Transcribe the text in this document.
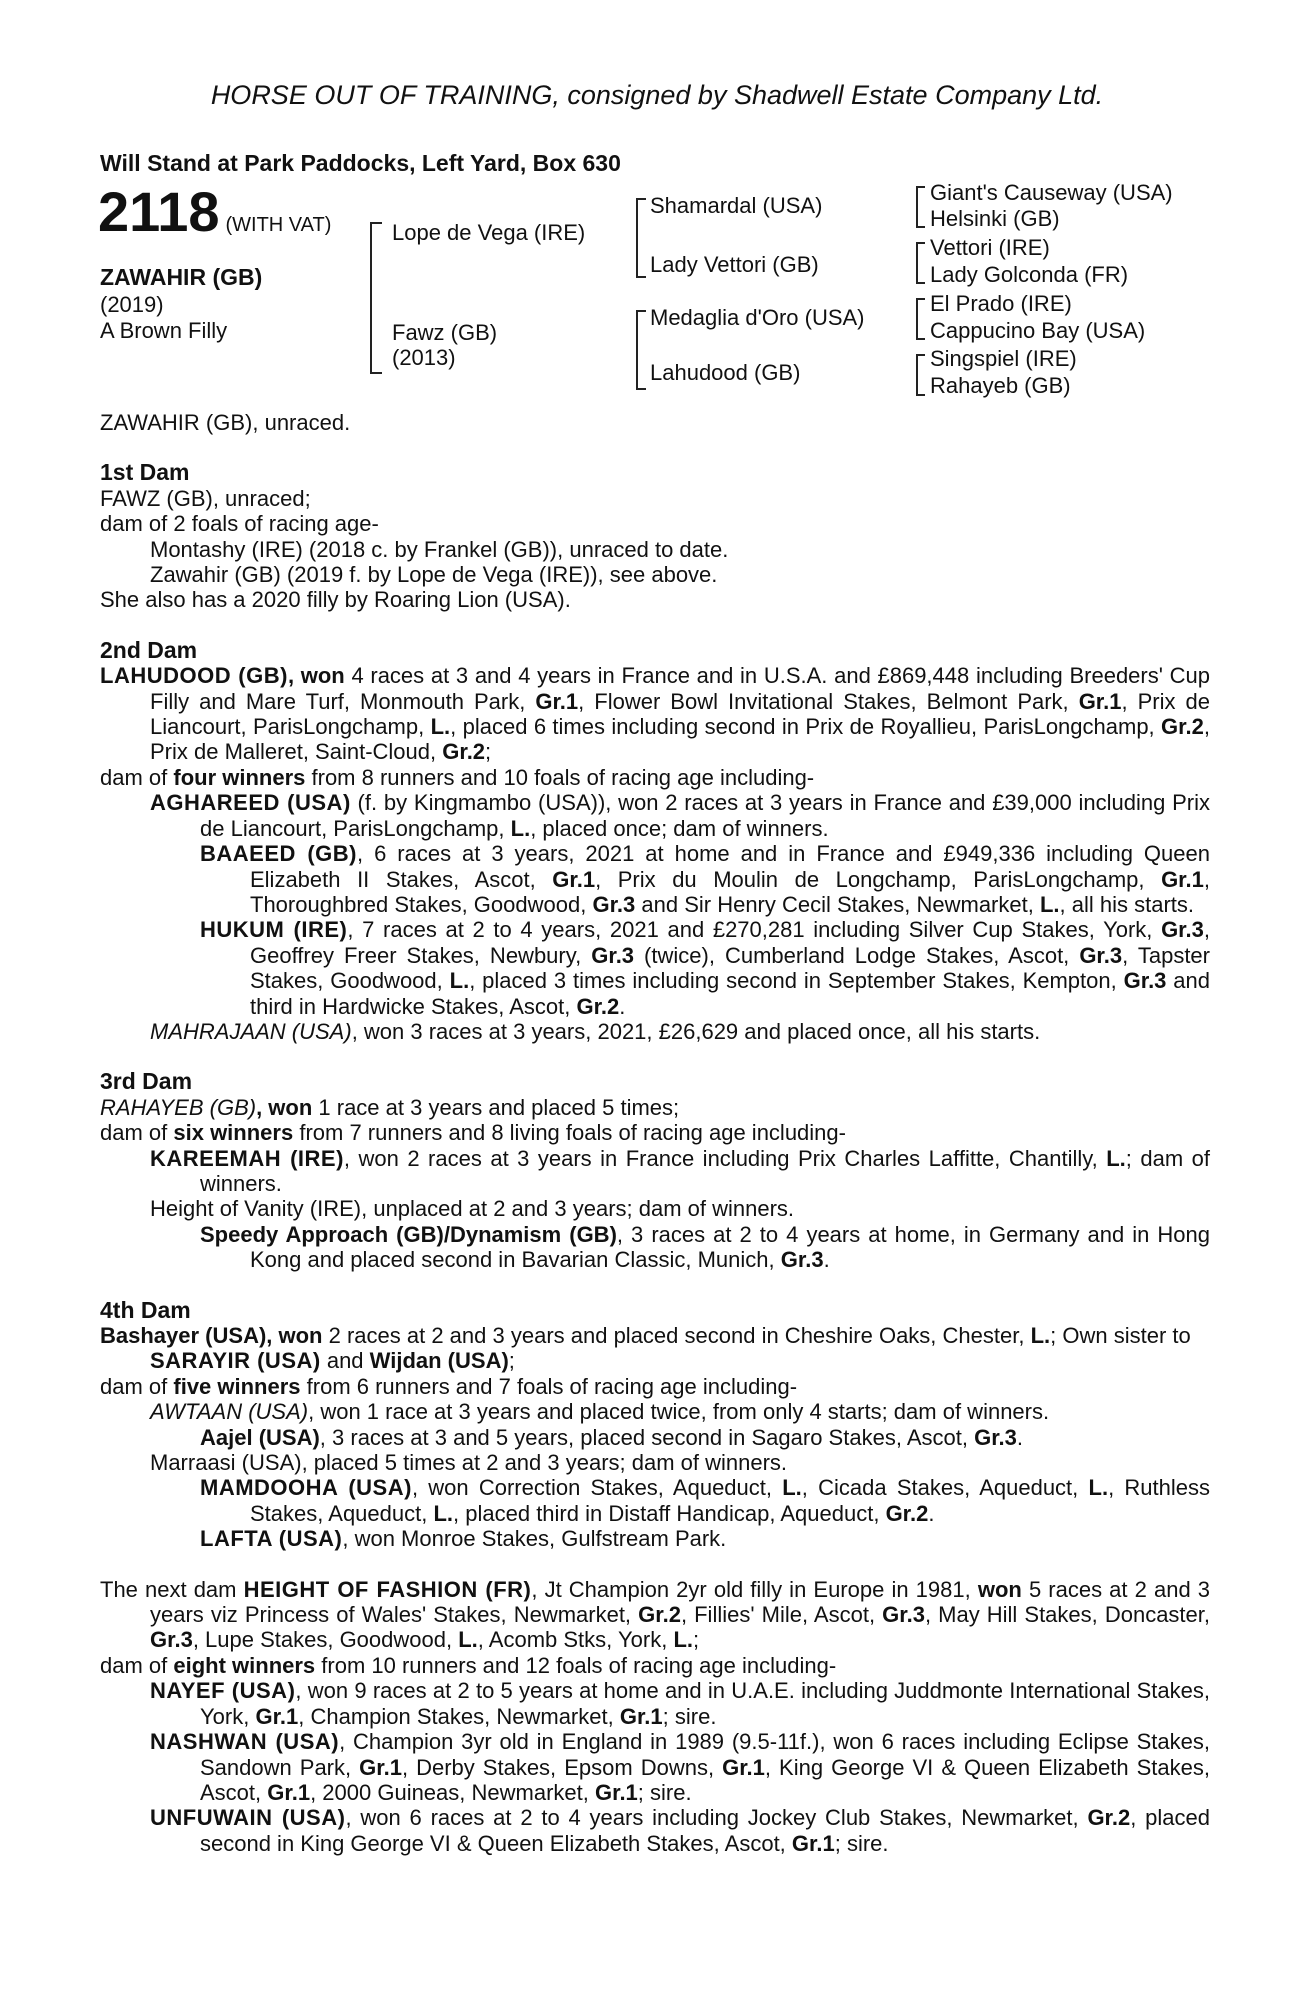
HORSE OUT OF TRAINING, consigned by Shadwell Estate Company Ltd.
Will Stand at Park Paddocks, Left Yard, Box 630
2118 (WITH VAT)
ZAWAHIR (GB)
(2019)
A Brown Filly
Lope de Vega (IRE)
Fawz (GB)
(2013)
Shamardal (USA)
Lady Vettori (GB)
Medaglia d'Oro (USA)
Lahudood (GB)
Giant's Causeway (USA)
Helsinki (GB)
Vettori (IRE)
Lady Golconda (FR)
El Prado (IRE)
Cappucino Bay (USA)
Singspiel (IRE)
Rahayeb (GB)

ZAWAHIR (GB), unraced.

1st Dam

FAWZ (GB), unraced;

dam of 2 foals of racing age-

Montashy (IRE) (2018 c. by Frankel (GB)), unraced to date.

Zawahir (GB) (2019 f. by Lope de Vega (IRE)), see above.

She also has a 2020 filly by Roaring Lion (USA).

2nd Dam

LAHUDOOD (GB), won 4 races at 3 and 4 years in France and in U.S.A. and £869,448 including Breeders' Cup Filly and Mare Turf, Monmouth Park, Gr.1, Flower Bowl Invitational Stakes, Belmont Park, Gr.1, Prix de Liancourt, ParisLongchamp, L., placed 6 times including second in Prix de Royallieu, ParisLongchamp, Gr.2, Prix de Malleret, Saint-Cloud, Gr.2;

dam of four winners from 8 runners and 10 foals of racing age including-

AGHAREED (USA) (f. by Kingmambo (USA)), won 2 races at 3 years in France and £39,000 including Prix de Liancourt, ParisLongchamp, L., placed once; dam of winners.

BAAEED (GB), 6 races at 3 years, 2021 at home and in France and £949,336 including Queen Elizabeth II Stakes, Ascot, Gr.1, Prix du Moulin de Longchamp, ParisLongchamp, Gr.1, Thoroughbred Stakes, Goodwood, Gr.3 and Sir Henry Cecil Stakes, Newmarket, L., all his starts.

HUKUM (IRE), 7 races at 2 to 4 years, 2021 and £270,281 including Silver Cup Stakes, York, Gr.3, Geoffrey Freer Stakes, Newbury, Gr.3 (twice), Cumberland Lodge Stakes, Ascot, Gr.3, Tapster Stakes, Goodwood, L., placed 3 times including second in September Stakes, Kempton, Gr.3 and third in Hardwicke Stakes, Ascot, Gr.2.

MAHRAJAAN (USA), won 3 races at 3 years, 2021, £26,629 and placed once, all his starts.

3rd Dam

RAHAYEB (GB), won 1 race at 3 years and placed 5 times;

dam of six winners from 7 runners and 8 living foals of racing age including-

KAREEMAH (IRE), won 2 races at 3 years in France including Prix Charles Laffitte, Chantilly, L.; dam of winners.

Height of Vanity (IRE), unplaced at 2 and 3 years; dam of winners.

Speedy Approach (GB)/Dynamism (GB), 3 races at 2 to 4 years at home, in Germany and in Hong Kong and placed second in Bavarian Classic, Munich, Gr.3.

4th Dam

Bashayer (USA), won 2 races at 2 and 3 years and placed second in Cheshire Oaks, Chester, L.; Own sister to SARAYIR (USA) and Wijdan (USA);

dam of five winners from 6 runners and 7 foals of racing age including-

AWTAAN (USA), won 1 race at 3 years and placed twice, from only 4 starts; dam of winners.

Aajel (USA), 3 races at 3 and 5 years, placed second in Sagaro Stakes, Ascot, Gr.3.

Marraasi (USA), placed 5 times at 2 and 3 years; dam of winners.

MAMDOOHA (USA), won Correction Stakes, Aqueduct, L., Cicada Stakes, Aqueduct, L., Ruthless Stakes, Aqueduct, L., placed third in Distaff Handicap, Aqueduct, Gr.2.

LAFTA (USA), won Monroe Stakes, Gulfstream Park.

The next dam HEIGHT OF FASHION (FR), Jt Champion 2yr old filly in Europe in 1981, won 5 races at 2 and 3 years viz Princess of Wales' Stakes, Newmarket, Gr.2, Fillies' Mile, Ascot, Gr.3, May Hill Stakes, Doncaster, Gr.3, Lupe Stakes, Goodwood, L., Acomb Stks, York, L.;

dam of eight winners from 10 runners and 12 foals of racing age including-

NAYEF (USA), won 9 races at 2 to 5 years at home and in U.A.E. including Juddmonte International Stakes, York, Gr.1, Champion Stakes, Newmarket, Gr.1; sire.

NASHWAN (USA), Champion 3yr old in England in 1989 (9.5-11f.), won 6 races including Eclipse Stakes, Sandown Park, Gr.1, Derby Stakes, Epsom Downs, Gr.1, King George VI & Queen Elizabeth Stakes, Ascot, Gr.1, 2000 Guineas, Newmarket, Gr.1; sire.

UNFUWAIN (USA), won 6 races at 2 to 4 years including Jockey Club Stakes, Newmarket, Gr.2, placed second in King George VI & Queen Elizabeth Stakes, Ascot, Gr.1; sire.
